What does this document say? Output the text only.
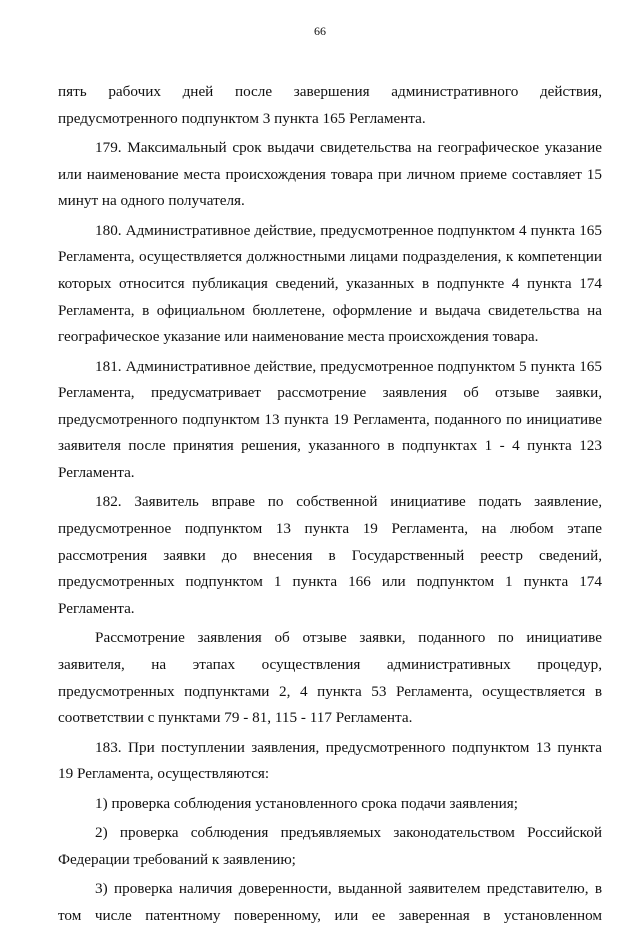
66

пять рабочих дней после завершения административного действия, предусмотренного подпунктом 3 пункта 165 Регламента.

179. Максимальный срок выдачи свидетельства на географическое указание или наименование места происхождения товара при личном приеме составляет 15 минут на одного получателя.

180. Административное действие, предусмотренное подпунктом 4 пункта 165 Регламента, осуществляется должностными лицами подразделения, к компетенции которых относится публикация сведений, указанных в подпункте 4 пункта 174 Регламента, в официальном бюллетене, оформление и выдача свидетельства на географическое указание или наименование места происхождения товара.

181. Административное действие, предусмотренное подпунктом 5 пункта 165 Регламента, предусматривает рассмотрение заявления об отзыве заявки, предусмотренного подпунктом 13 пункта 19 Регламента, поданного по инициативе заявителя после принятия решения, указанного в подпунктах 1 - 4 пункта 123 Регламента.

182. Заявитель вправе по собственной инициативе подать заявление, предусмотренное подпунктом 13 пункта 19 Регламента, на любом этапе рассмотрения заявки до внесения в Государственный реестр сведений, предусмотренных подпунктом 1 пункта 166 или подпунктом 1 пункта 174 Регламента.

Рассмотрение заявления об отзыве заявки, поданного по инициативе заявителя, на этапах осуществления административных процедур, предусмотренных подпунктами 2, 4 пункта 53 Регламента, осуществляется в соответствии с пунктами 79 - 81, 115 - 117 Регламента.

183. При поступлении заявления, предусмотренного подпунктом 13 пункта 19 Регламента, осуществляются:

1) проверка соблюдения установленного срока подачи заявления;

2) проверка соблюдения предъявляемых законодательством Российской Федерации требований к заявлению;

3) проверка наличия доверенности, выданной заявителем представителю, в том числе патентному поверенному, или ее заверенная в установленном
